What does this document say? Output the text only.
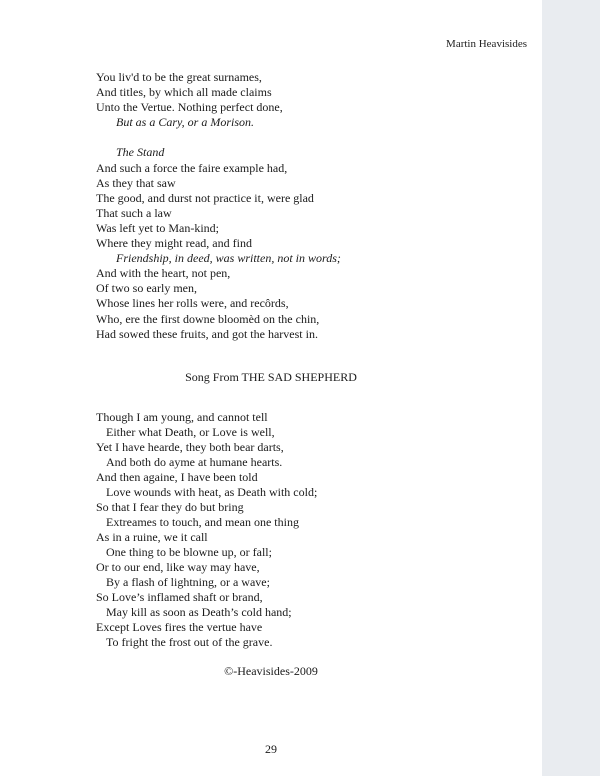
Martin Heavisides
You liv'd to be the great surnames,
And titles, by which all made claims
Unto the Vertue. Nothing perfect done,
But as a Cary, or a Morison.
The Stand
And such a force the faire example had,
As they that saw
The good, and durst not practice it, were glad
That such a law
Was left yet to Man-kind;
Where they might read, and find
Friendship, in deed, was written, not in words;
And with the heart, not pen,
Of two so early men,
Whose lines her rolls were, and recôrds,
Who, ere the first downe bloomèd on the chin,
Had sowed these fruits, and got the harvest in.
Song From THE SAD SHEPHERD
Though I am young, and cannot tell
Either what Death, or Love is well,
Yet I have hearde, they both bear darts,
And both do ayme at humane hearts.
And then againe, I have been told
Love wounds with heat, as Death with cold;
So that I fear they do but bring
Extreames to touch, and mean one thing
As in a ruine, we it call
One thing to be blowne up, or fall;
Or to our end, like way may have,
By a flash of lightning, or a wave;
So Love’s inflamed shaft or brand,
May kill as soon as Death’s cold hand;
Except Loves fires the vertue have
To fright the frost out of the grave.
©-Heavisides-2009
29
